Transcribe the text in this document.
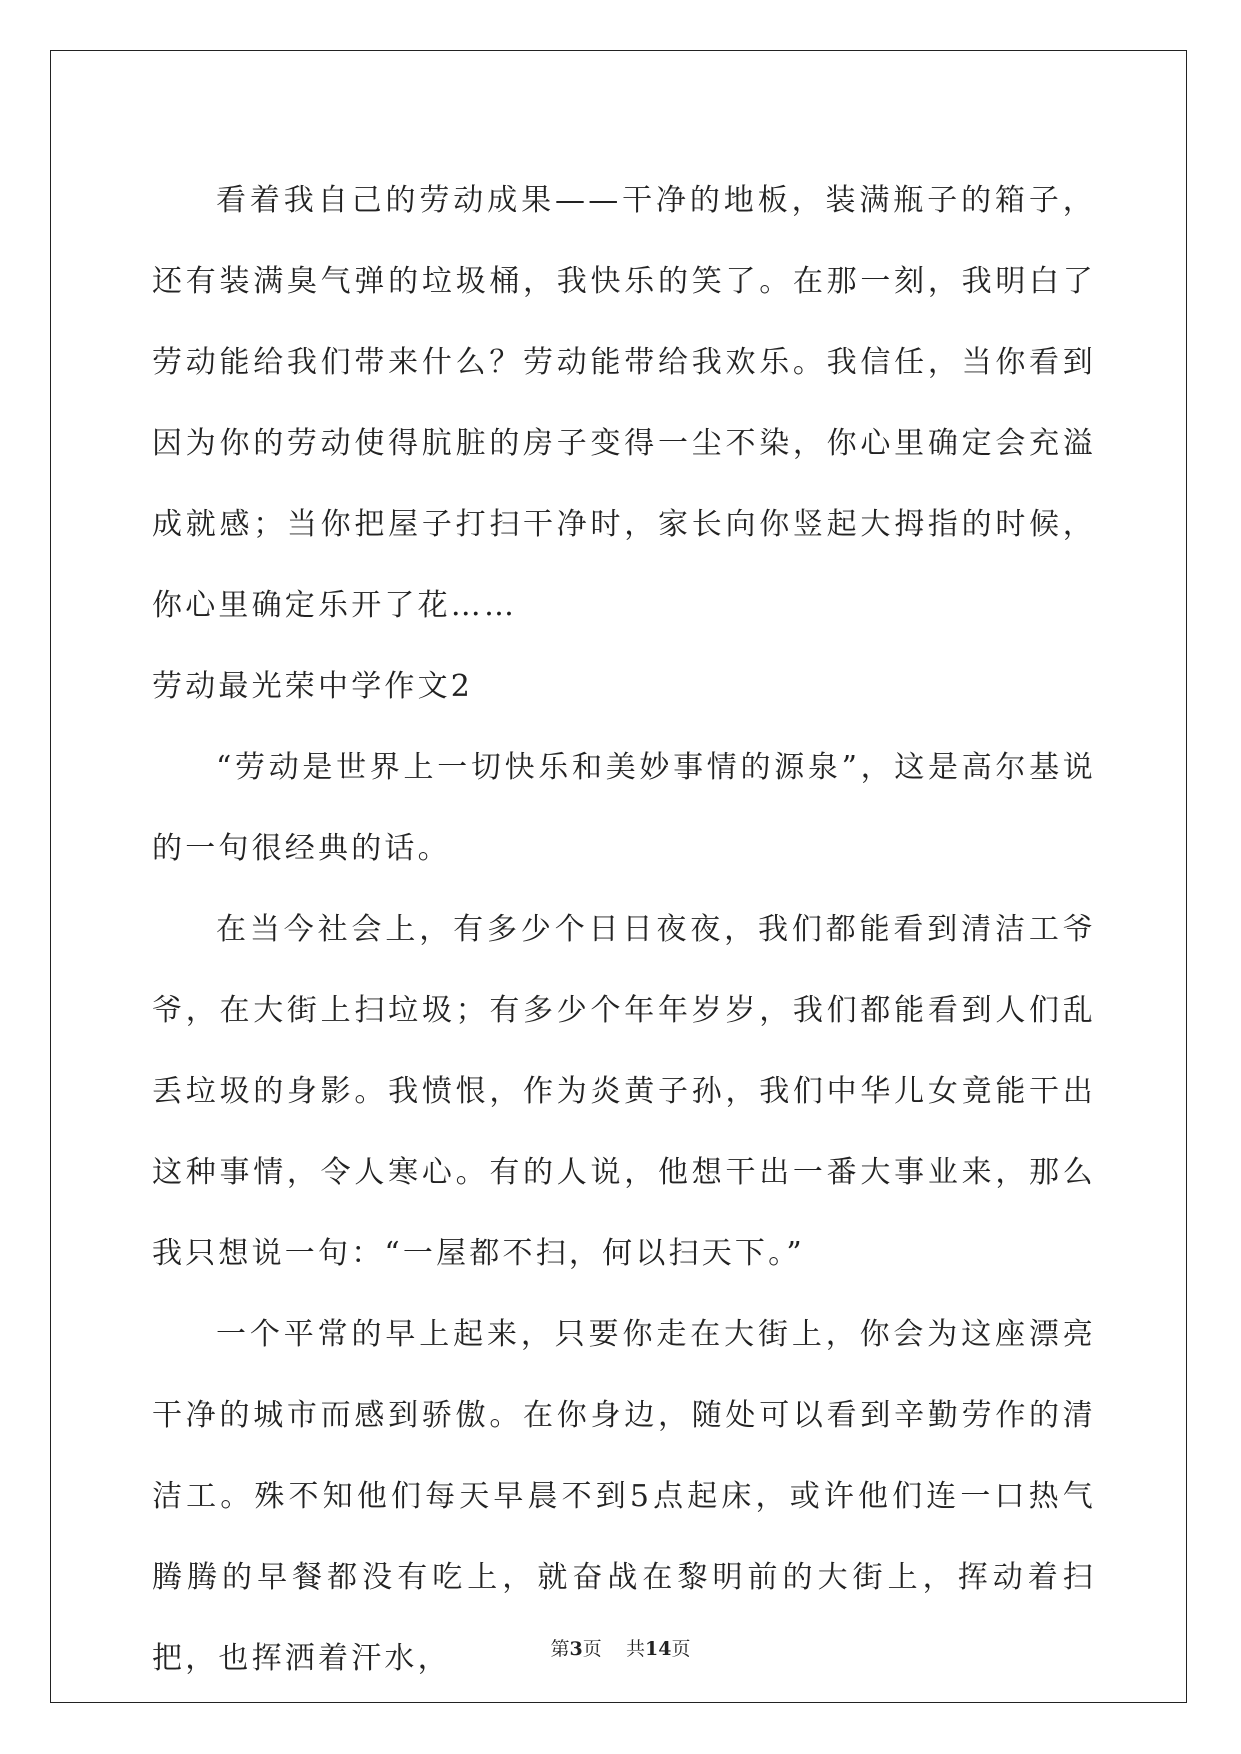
看着我自己的劳动成果——干净的地板，装满瓶子的箱子，还有装满臭气弹的垃圾桶，我快乐的笑了。在那一刻，我明白了劳动能给我们带来什么？劳动能带给我欢乐。我信任，当你看到因为你的劳动使得肮脏的房子变得一尘不染，你心里确定会充溢成就感；当你把屋子打扫干净时，家长向你竖起大拇指的时候，你心里确定乐开了花……

劳动最光荣中学作文2

“劳动是世界上一切快乐和美妙事情的源泉”，这是高尔基说的一句很经典的话。

在当今社会上，有多少个日日夜夜，我们都能看到清洁工爷爷，在大街上扫垃圾；有多少个年年岁岁，我们都能看到人们乱丢垃圾的身影。我愤恨，作为炎黄子孙，我们中华儿女竟能干出这种事情，令人寒心。有的人说，他想干出一番大事业来，那么我只想说一句：“一屋都不扫，何以扫天下。”

一个平常的早上起来，只要你走在大街上，你会为这座漂亮干净的城市而感到骄傲。在你身边，随处可以看到辛勤劳作的清洁工。殊不知他们每天早晨不到5点起床，或许他们连一口热气腾腾的早餐都没有吃上，就奋战在黎明前的大街上，挥动着扫把，也挥洒着汗水，	第3页 共14页
